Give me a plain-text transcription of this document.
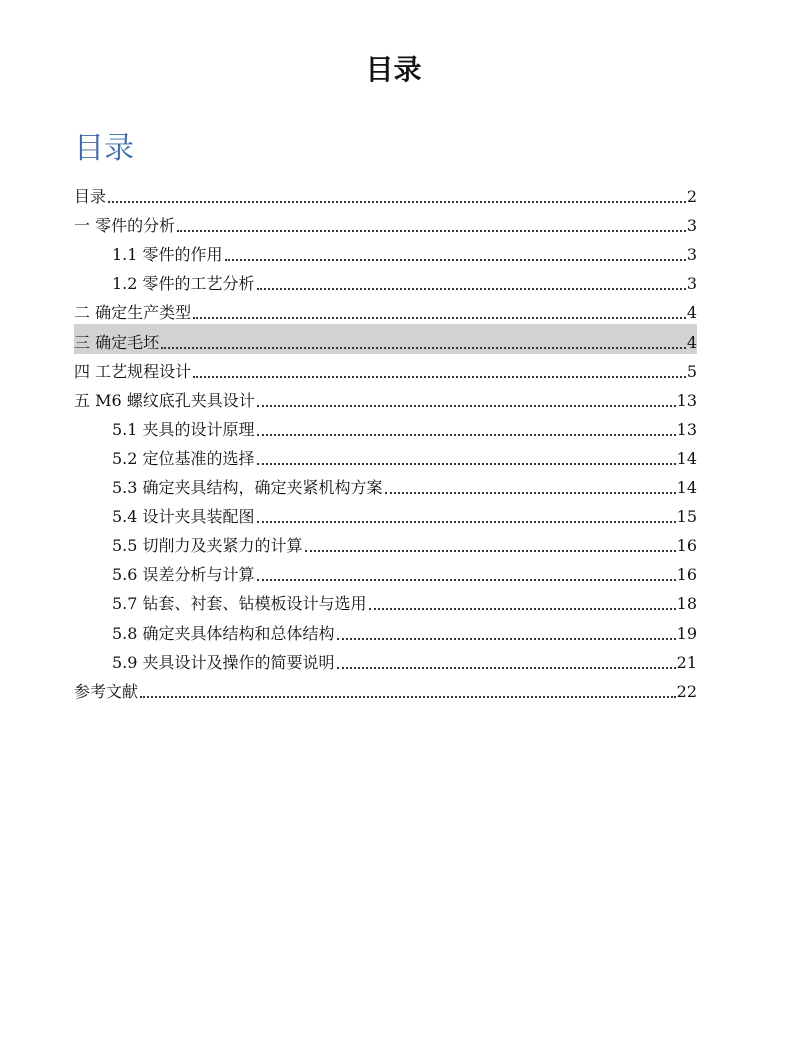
目录
目录
目录	2
一 零件的分析	3
1.1 零件的作用	3
1.2 零件的工艺分析	3
二 确定生产类型	4
三 确定毛坯	4
四 工艺规程设计	5
五 M6 螺纹底孔夹具设计	13
5.1 夹具的设计原理	13
5.2 定位基准的选择	14
5.3 确定夹具结构，确定夹紧机构方案	14
5.4 设计夹具装配图	15
5.5 切削力及夹紧力的计算	16
5.6 误差分析与计算	16
5.7 钻套、衬套、钻模板设计与选用	18
5.8 确定夹具体结构和总体结构	19
5.9 夹具设计及操作的简要说明	21
参考文献	22
